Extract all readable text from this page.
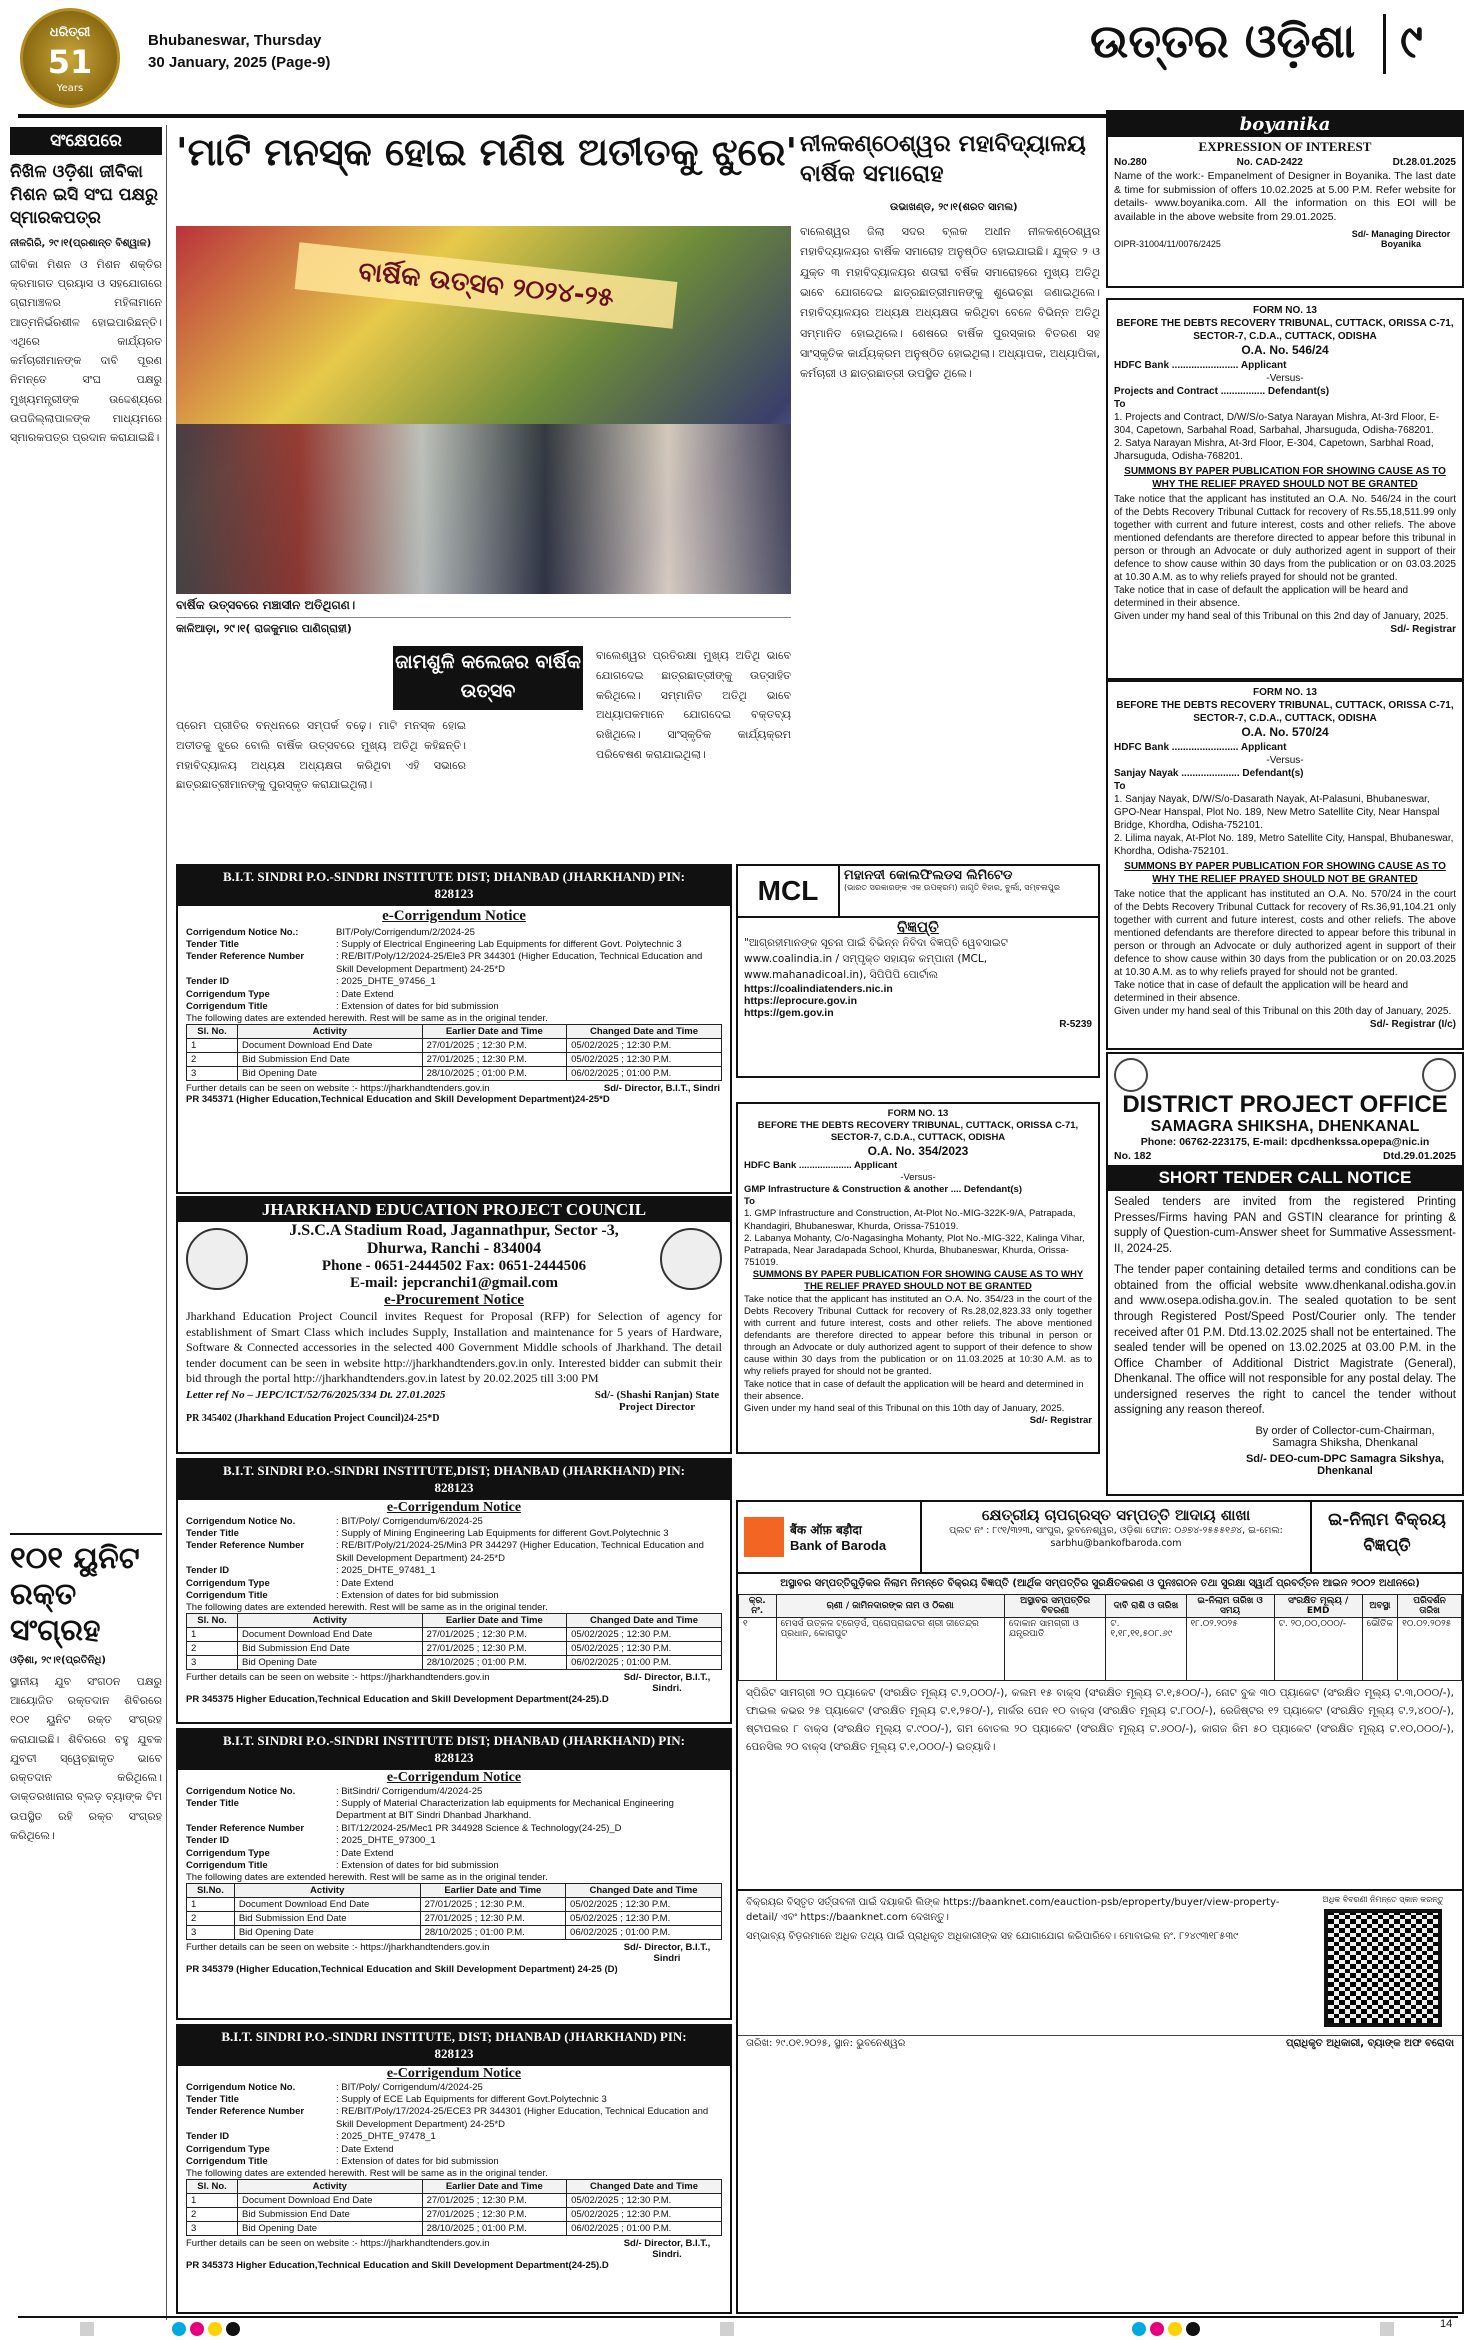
ଧରିତ୍ରୀ
51
Years
Bhubaneswar, Thursday
30 January, 2025 (Page-9)	ଉତ୍ତର ଓଡ଼ିଶା ୯
ସଂକ୍ଷେପରେ
ନିଖିଳ ଓଡ଼ିଶା ଜୀବିକା ମିଶନ ଇସି ସଂଘ ପକ୍ଷରୁ ସ୍ମାରକପତ୍ର
ନୀଳଗିରି, ୨୯।୧(ପ୍ରଶାନ୍ତ ବିଶ୍ୱାଳ)
ଜୀବିକା ମିଶନ ଓ ମିଶନ ଶକ୍ତିର କ୍ରମାଗତ ପ୍ରୟାସ ଓ ସହଯୋଗରେ ଗ୍ରାମାଞ୍ଚଳର ମହିଳାମାନେ ଆତ୍ମନିର୍ଭରଶୀଳ ହୋଇପାରିଛନ୍ତି। ଏଥିରେ କାର୍ଯ୍ୟରତ କର୍ମଚାରୀମାନଙ୍କ ଦାବି ପୂରଣ ନିମନ୍ତେ ସଂଘ ପକ୍ଷରୁ ମୁଖ୍ୟମନ୍ତ୍ରୀଙ୍କ ଉଦ୍ଦେଶ୍ୟରେ ଉପଜିଲ୍ଲାପାଳଙ୍କ ମାଧ୍ୟମରେ ସ୍ମାରକପତ୍ର ପ୍ରଦାନ କରାଯାଇଛି।
୧୦୧ ୟୁନିଟ ରକ୍ତ ସଂଗ୍ରହ
ଓଡ଼ିଶା, ୨୯।୧(ପ୍ରତିନିଧି)
ସ୍ଥାନୀୟ ଯୁବ ସଂଗଠନ ପକ୍ଷରୁ ଆୟୋଜିତ ରକ୍ତଦାନ ଶିବିରରେ ୧୦୧ ୟୁନିଟ ରକ୍ତ ସଂଗ୍ରହ କରାଯାଇଛି। ଶିବିରରେ ବହୁ ଯୁବକ ଯୁବତୀ ସ୍ୱେଚ୍ଛାକୃତ ଭାବେ ରକ୍ତଦାନ କରିଥିଲେ। ଡାକ୍ତରଖାନାର ବ୍ଲଡ଼ ବ୍ୟାଙ୍କ ଟିମ ଉପସ୍ଥିତ ରହି ରକ୍ତ ସଂଗ୍ରହ କରିଥିଲେ।
'ମାଟି ମନସ୍କ ହୋଇ ମଣିଷ ଅତୀତକୁ ଝୁରେ'
ବାର୍ଷିକ ଉତ୍ସବ ୨୦୨୪-୨୫
ବାର୍ଷିକ ଉତ୍ସବରେ ମଞ୍ଚାସୀନ ଅତିଥିଗଣ।
କାଳିଆଡ଼ା, ୨୯।୧( ରାଜକୁମାର ପାଣିଗ୍ରାହୀ)
ଜାମଶୁଳି କଲେଜର ବାର୍ଷିକ ଉତ୍ସବ
ପ୍ରେମ ପ୍ରୀତିର ବନ୍ଧନରେ ସମ୍ପର୍କ ବଢ଼େ। ମାଟି ମନସ୍କ ହୋଇ ଅତୀତକୁ ଝୁରେ ବୋଲି ବାର୍ଷିକ ଉତ୍ସବରେ ମୁଖ୍ୟ ଅତିଥି କହିଛନ୍ତି। ମହାବିଦ୍ୟାଳୟ ଅଧ୍ୟକ୍ଷ ଅଧ୍ୟକ୍ଷତା କରିଥିବା ଏହି ସଭାରେ ଛାତ୍ରଛାତ୍ରୀମାନଙ୍କୁ ପୁରସ୍କୃତ କରାଯାଇଥିଲା।
ବାଲେଶ୍ୱର ପ୍ରତିରକ୍ଷା ମୁଖ୍ୟ ଅତିଥି ଭାବେ ଯୋଗଦେଇ ଛାତ୍ରଛାତ୍ରୀଙ୍କୁ ଉତ୍ସାହିତ କରିଥିଲେ। ସମ୍ମାନିତ ଅତିଥି ଭାବେ ଅଧ୍ୟାପକମାନେ ଯୋଗଦେଇ ବକ୍ତବ୍ୟ ରଖିଥିଲେ। ସାଂସ୍କୃତିକ କାର୍ଯ୍ୟକ୍ରମ ପରିବେଷଣ କରାଯାଇଥିଲା।
ନୀଳକଣ୍ଠେଶ୍ୱର ମହାବିଦ୍ୟାଳୟ ବାର୍ଷିକ ସମାରୋହ
ଉଭାଖଣ୍ଡ, ୨୯।୧(ଶରତ ସାମଲ)
ବାଲେଶ୍ୱର ଜିଲା ସଦର ବ୍ଲକ ଅଧୀନ ନୀଳକଣ୍ଠେଶ୍ୱର ମହାବିଦ୍ୟାଳୟର ବାର୍ଷିକ ସମାରୋହ ଅନୁଷ୍ଠିତ ହୋଇଯାଇଛି। ଯୁକ୍ତ ୨ ଓ ଯୁକ୍ତ ୩ ମହାବିଦ୍ୟାଳୟର ଶତାବ୍ଦୀ ବର୍ଷିକ ସମାରୋହରେ ମୁଖ୍ୟ ଅତିଥି ଭାବେ ଯୋଗଦେଇ ଛାତ୍ରଛାତ୍ରୀମାନଙ୍କୁ ଶୁଭେଚ୍ଛା ଜଣାଇଥିଲେ। ମହାବିଦ୍ୟାଳୟର ଅଧ୍ୟକ୍ଷ ଅଧ୍ୟକ୍ଷତା କରିଥିବା ବେଳେ ବିଭିନ୍ନ ଅତିଥି ସମ୍ମାନିତ ହୋଇଥିଲେ। ଶେଷରେ ବାର୍ଷିକ ପୁରସ୍କାର ବିତରଣ ସହ ସାଂସ୍କୃତିକ କାର୍ଯ୍ୟକ୍ରମ ଅନୁଷ୍ଠିତ ହୋଇଥିଲା। ଅଧ୍ୟାପକ, ଅଧ୍ୟାପିକା, କର୍ମଚାରୀ ଓ ଛାତ୍ରଛାତ୍ରୀ ଉପସ୍ଥିତ ଥିଲେ।
boyanika
EXPRESSION OF INTEREST
No.280	No. CAD-2422	Dt.28.01.2025
Name of the work:- Empanelment of Designer in Boyanika. The last date & time for submission of offers 10.02.2025 at 5.00 P.M. Refer website for details- www.boyanika.com. All the information on this EOI will be available in the above website from 29.01.2025.
OIPR-31004/11/0076/2425
Sd/- Managing Director Boyanika
FORM NO. 13
BEFORE THE DEBTS RECOVERY TRIBUNAL, CUTTACK, ORISSA C-71, SECTOR-7, C.D.A., CUTTACK, ODISHA
O.A. No. 546/24
HDFC Bank ........................ Applicant
-Versus-
Projects and Contract ................ Defendant(s)
To
1. Projects and Contract, D/W/S/o-Satya Narayan Mishra, At-3rd Floor, E-304, Capetown, Sarbahal Road, Sarbahal, Jharsuguda, Odisha-768201.
2. Satya Narayan Mishra, At-3rd Floor, E-304, Capetown, Sarbhal Road, Jharsuguda, Odisha-768201.
SUMMONS BY PAPER PUBLICATION FOR SHOWING CAUSE AS TO WHY THE RELIEF PRAYED SHOULD NOT BE GRANTED
Take notice that the applicant has instituted an O.A. No. 546/24 in the court of the Debts Recovery Tribunal Cuttack for recovery of Rs.55,18,511.99 only together with current and future interest, costs and other reliefs. The above mentioned defendants are therefore directed to appear before this tribunal in person or through an Advocate or duly authorized agent in support of their defence to show cause within 30 days from the publication or on 03.03.2025 at 10.30 A.M. as to why reliefs prayed for should not be granted.
Take notice that in case of default the application will be heard and determined in their absence.
Given under my hand seal of this Tribunal on this 2nd day of January, 2025.
Sd/- Registrar
FORM NO. 13
BEFORE THE DEBTS RECOVERY TRIBUNAL, CUTTACK, ORISSA C-71, SECTOR-7, C.D.A., CUTTACK, ODISHA
O.A. No. 570/24
HDFC Bank ........................ Applicant
-Versus-
Sanjay Nayak ..................... Defendant(s)
To
1. Sanjay Nayak, D/W/S/o-Dasarath Nayak, At-Palasuni, Bhubaneswar, GPO-Near Hanspal, Plot No. 189, New Metro Satellite City, Near Hanspal Bridge, Khordha, Odisha-752101.
2. Lilima nayak, At-Plot No. 189, Metro Satellite City, Hanspal, Bhubaneswar, Khordha, Odisha-752101.
SUMMONS BY PAPER PUBLICATION FOR SHOWING CAUSE AS TO WHY THE RELIEF PRAYED SHOULD NOT BE GRANTED
Take notice that the applicant has instituted an O.A. No. 570/24 in the court of the Debts Recovery Tribunal Cuttack for recovery of Rs.36,91,104.21 only together with current and future interest, costs and other reliefs. The above mentioned defendants are therefore directed to appear before this tribunal in person or through an Advocate or duly authorized agent in support of their defence to show cause within 30 days from the publication or on 20.03.2025 at 10.30 A.M. as to why reliefs prayed for should not be granted.
Take notice that in case of default the application will be heard and determined in their absence.
Given under my hand seal of this Tribunal on this 20th day of January, 2025.
Sd/- Registrar (I/c)
DISTRICT PROJECT OFFICE
SAMAGRA SHIKSHA, DHENKANAL
Phone: 06762-223175, E-mail: dpcdhenkssa.opepa@nic.in
No. 182	Dtd.29.01.2025
SHORT TENDER CALL NOTICE
Sealed tenders are invited from the registered Printing Presses/Firms having PAN and GSTIN clearance for printing & supply of Question-cum-Answer sheet for Summative Assessment-II, 2024-25.
The tender paper containing detailed terms and conditions can be obtained from the official website www.dhenkanal.odisha.gov.in and www.osepa.odisha.gov.in. The sealed quotation to be sent through Registered Post/Speed Post/Courier only. The tender received after 01 P.M. Dtd.13.02.2025 shall not be entertained. The sealed tender will be opened on 13.02.2025 at 03.00 P.M. in the Office Chamber of Additional District Magistrate (General), Dhenkanal. The office will not responsible for any postal delay. The undersigned reserves the right to cancel the tender without assigning any reason thereof.
By order of Collector-cum-Chairman, Samagra Shiksha, Dhenkanal
Sd/- DEO-cum-DPC Samagra Sikshya, Dhenkanal
B.I.T. SINDRI P.O.-SINDRI INSTITUTE DIST; DHANBAD (JHARKHAND) PIN: 828123
e-Corrigendum Notice
Corrigendum Notice No.:	BIT/Poly/Corrigendum/2/2024-25
Tender Title	: Supply of Electrical Engineering Lab Equipments for different Govt. Polytechnic 3
Tender Reference Number	: RE/BIT/Poly/12/2024-25/Ele3 PR 344301 (Higher Education, Technical Education and Skill Development Department) 24-25*D
Tender ID	: 2025_DHTE_97456_1
Corrigendum Type	: Date Extend
Corrigendum Title	: Extension of dates for bid submission
The following dates are extended herewith. Rest will be same as in the original tender.
Sl. No.	Activity	Earlier Date and Time	Changed Date and Time
1	Document Download End Date	27/01/2025 ; 12:30 P.M.	05/02/2025 ; 12:30 P.M.
2	Bid Submission End Date	27/01/2025 ; 12:30 P.M.	05/02/2025 ; 12:30 P.M.
3	Bid Opening Date	28/10/2025 ; 01:00 P.M.	06/02/2025 ; 01:00 P.M.
Further details can be seen on website :- https://jharkhandtenders.gov.in	Sd/- Director, B.I.T., Sindri
PR 345371 (Higher Education,Technical Education and Skill Development Department)24-25*D
JHARKHAND EDUCATION PROJECT COUNCIL
J.S.C.A Stadium Road, Jagannathpur, Sector -3,
Dhurwa, Ranchi - 834004
Phone - 0651-2444502 Fax: 0651-2444506
E-mail: jepcranchi1@gmail.com
e-Procurement Notice
Jharkhand Education Project Council invites Request for Proposal (RFP) for Selection of agency for establishment of Smart Class which includes Supply, Installation and maintenance for 5 years of Hardware, Software & Connected accessories in the selected 400 Government Middle schools of Jharkhand. The detail tender document can be seen in website http://jharkhandtenders.gov.in only. Interested bidder can submit their bid through the portal http://jharkhandtenders.gov.in latest by 20.02.2025 till 3:00 PM
Letter ref No – JEPC/ICT/52/76/2025/334 Dt. 27.01.2025	Sd/- (Shashi Ranjan) State Project Director
PR 345402 (Jharkhand Education Project Council)24-25*D
B.I.T. SINDRI P.O.-SINDRI INSTITUTE,DIST; DHANBAD (JHARKHAND) PIN: 828123
e-Corrigendum Notice
Corrigendum Notice No.	: BIT/Poly/ Corrigendum/6/2024-25
Tender Title	: Supply of Mining Engineering Lab Equipments for different Govt.Polytechnic 3
Tender Reference Number	: RE/BIT/Poly/21/2024-25/Min3 PR 344297 (Higher Education, Technical Education and Skill Development Department) 24-25*D
Tender ID	: 2025_DHTE_97481_1
Corrigendum Type	: Date Extend
Corrigendum Title	: Extension of dates for bid submission
The following dates are extended herewith. Rest will be same as in the original tender.
Sl. No.	Activity	Earlier Date and Time	Changed Date and Time
1	Document Download End Date	27/01/2025 ; 12:30 P.M.	05/02/2025 ; 12:30 P.M.
2	Bid Submission End Date	27/01/2025 ; 12:30 P.M.	05/02/2025 ; 12:30 P.M.
3	Bid Opening Date	28/10/2025 ; 01:00 P.M.	06/02/2025 ; 01:00 P.M.
Further details can be seen on website :- https://jharkhandtenders.gov.in	Sd/- Director, B.I.T., Sindri.
PR 345375 Higher Education,Technical Education and Skill Development Department(24-25).D
B.I.T. SINDRI P.O.-SINDRI INSTITUTE DIST; DHANBAD (JHARKHAND) PIN: 828123
e-Corrigendum Notice
Corrigendum Notice No.	: BitSindri/ Corrigendum/4/2024-25
Tender Title	: Supply of Material Characterization lab equipments for Mechanical Engineering Department at BIT Sindri Dhanbad Jharkhand.
Tender Reference Number	: BIT/12/2024-25/Mec1 PR 344928 Science & Technology(24-25)_D
Tender ID	: 2025_DHTE_97300_1
Corrigendum Type	: Date Extend
Corrigendum Title	: Extension of dates for bid submission
The following dates are extended herewith. Rest will be same as in the original tender.
Sl.No.	Activity	Earlier Date and Time	Changed Date and Time
1	Document Download End Date	27/01/2025 ; 12:30 P.M.	05/02/2025 ; 12:30 P.M.
2	Bid Submission End Date	27/01/2025 ; 12:30 P.M.	05/02/2025 ; 12:30 P.M.
3	Bid Opening Date	28/10/2025 ; 01:00 P.M.	06/02/2025 ; 01:00 P.M.
Further details can be seen on website :- https://jharkhandtenders.gov.in	Sd/- Director, B.I.T., Sindri
PR 345379 (Higher Education,Technical Education and Skill Development Department) 24-25 (D)
B.I.T. SINDRI P.O.-SINDRI INSTITUTE, DIST; DHANBAD (JHARKHAND) PIN: 828123
e-Corrigendum Notice
Corrigendum Notice No.	: BIT/Poly/ Corrigendum/4/2024-25
Tender Title	: Supply of ECE Lab Equipments for different Govt.Polytechnic 3
Tender Reference Number	: RE/BIT/Poly/17/2024-25/ECE3 PR 344301 (Higher Education, Technical Education and Skill Development Department) 24-25*D
Tender ID	: 2025_DHTE_97478_1
Corrigendum Type	: Date Extend
Corrigendum Title	: Extension of dates for bid submission
The following dates are extended herewith. Rest will be same as in the original tender.
Sl. No.	Activity	Earlier Date and Time	Changed Date and Time
1	Document Download End Date	27/01/2025 ; 12:30 P.M.	05/02/2025 ; 12:30 P.M.
2	Bid Submission End Date	27/01/2025 ; 12:30 P.M.	05/02/2025 ; 12:30 P.M.
3	Bid Opening Date	28/10/2025 ; 01:00 P.M.	06/02/2025 ; 01:00 P.M.
Further details can be seen on website :- https://jharkhandtenders.gov.in	Sd/- Director, B.I.T., Sindri.
PR 345373 Higher Education,Technical Education and Skill Development Department(24-25).D
MCL	ମହାନଦୀ କୋଲଫିଲଡସ ଲିମିଟେଡ
(ଭାରତ ସରକାରଙ୍କ ଏକ ଉପକ୍ରମ) ଜାଗୃତି ବିହାର, ବୁର୍ଲା, ସମ୍ବଲପୁର
ବିଜ୍ଞପ୍ତି
"ଆଗ୍ରହୀମାନଙ୍କ ସୂଚନା ପାଇଁ ବିଭିନ୍ନ ନିବିଦା ବିଜ୍ଞପ୍ତି ୱେବସାଇଟ www.coalindia.in / ସମ୍ପୃକ୍ତ ସହାୟକ କମ୍ପାନୀ (MCL, www.mahanadicoal.in), ସିପିପିପି ପୋର୍ଟାଲ
https://coalindiatenders.nic.in
https://eprocure.gov.in
https://gem.gov.in
R-5239
FORM NO. 13
BEFORE THE DEBTS RECOVERY TRIBUNAL, CUTTACK, ORISSA C-71, SECTOR-7, C.D.A., CUTTACK, ODISHA
O.A. No. 354/2023
HDFC Bank .................... Applicant
-Versus-
GMP Infrastructure & Construction & another .... Defendant(s)
To
1. GMP Infrastructure and Construction, At-Plot No.-MIG-322K-9/A, Patrapada, Khandagiri, Bhubaneswar, Khurda, Orissa-751019.
2. Labanya Mohanty, C/o-Nagasingha Mohanty, Plot No.-MIG-322, Kalinga Vihar, Patrapada, Near Jaradapada School, Khurda, Bhubaneswar, Khurda, Orissa-751019.
SUMMONS BY PAPER PUBLICATION FOR SHOWING CAUSE AS TO WHY THE RELIEF PRAYED SHOULD NOT BE GRANTED
Take notice that the applicant has instituted an O.A. No. 354/23 in the court of the Debts Recovery Tribunal Cuttack for recovery of Rs.28,02,823.33 only together with current and future interest, costs and other reliefs. The above mentioned defendants are therefore directed to appear before this tribunal in person or through an Advocate or duly authorized agent to support of their defence to show cause within 30 days from the publication or on 11.03.2025 at 10:30 A.M. as to why reliefs prayed for should not be granted.
Take notice that in case of default the application will be heard and determined in their absence.
Given under my hand seal of this Tribunal on this 10th day of January, 2025.
Sd/- Registrar
बैंक ऑफ़ बड़ौदा
Bank of Baroda
କ୍ଷେତ୍ରୀୟ ଚାପଗ୍ରସ୍ତ ସମ୍ପତ୍ତି ଆଦାୟ ଶାଖା
ପ୍ଲଟ ନଂ : ୮୯୧/୩୨୩, ସାଂପୁର, ଭୁବନେଶ୍ୱର, ଓଡ଼ିଶା ଫୋନ: ୦୬୭୪-୨୫୫୫୧୬୪, ଇ-ମେଲ: sarbhu@bankofbaroda.com
ଇ-ନିଲାମ ବିକ୍ରୟ ବିଜ୍ଞପ୍ତି
ଅସ୍ଥାବର ସମ୍ପତ୍ତିଗୁଡ଼ିକର ନିଲାମ ନିମନ୍ତେ ବିକ୍ରୟ ବିଜ୍ଞପ୍ତି (ଆର୍ଥିକ ସମ୍ପତ୍ତିର ସୁରକ୍ଷିତକରଣ ଓ ପୁନଃଗଠନ ତଥା ସୁରକ୍ଷା ସ୍ୱାର୍ଥ ପ୍ରବର୍ତ୍ତନ ଆଇନ ୨୦୦୨ ଅଧୀନରେ)
କ୍ର. ନଂ.	ଋଣୀ / ଜାମିନଦାରଙ୍କ ନାମ ଓ ଠିକଣା	ଅସ୍ଥାବର ସମ୍ପତ୍ତିର ବିବରଣୀ	ଦାବି ରାଶି ଓ ତାରିଖ	ଇ-ନିଲାମ ତାରିଖ ଓ ସମୟ	ସଂରକ୍ଷିତ ମୂଲ୍ୟ / EMD	ଅବସ୍ଥା	ପରିଦର୍ଶନ ତାରିଖ
୧	ମେସର୍ସ ଉତ୍କଳ ଟ୍ରେଡ଼ର୍ସ, ପ୍ରୋପ୍ରାଇଟର ଶ୍ରୀ ଜୀତେନ୍ଦ୍ର ପ୍ରଧାନ, କୋରାପୁଟ	ଦୋକାନ ସାମଗ୍ରୀ ଓ ଯନ୍ତ୍ରପାତି	ଟ. ୧,୧୮,୧୧,୫୦୮.୬୯	୧୮.୦୨.୨୦୨୫	ଟ. ୨୦,୦୦,୦୦୦/-	ଭୌତିକ	୧୦.୦୨.୨୦୨୫
ସ୍ପିରିଟ ସାମଗ୍ରୀ ୨୦ ପ୍ୟାକେଟ (ସଂରକ୍ଷିତ ମୂଲ୍ୟ ଟ.୨,୦୦୦/-), କଲମ ୧୫ ବାକ୍ସ (ସଂରକ୍ଷିତ ମୂଲ୍ୟ ଟ.୧,୫୦୦/-), ନୋଟ ବୁକ ୩୦ ପ୍ୟାକେଟ (ସଂରକ୍ଷିତ ମୂଲ୍ୟ ଟ.୩,୦୦୦/-), ଫାଇଲ କଭର ୨୫ ପ୍ୟାକେଟ (ସଂରକ୍ଷିତ ମୂଲ୍ୟ ଟ.୧,୨୫୦/-), ମାର୍କର ପେନ ୧୦ ବାକ୍ସ (ସଂରକ୍ଷିତ ମୂଲ୍ୟ ଟ.୮୦୦/-), ରେଜିଷ୍ଟର ୧୨ ପ୍ୟାକେଟ (ସଂରକ୍ଷିତ ମୂଲ୍ୟ ଟ.୨,୪୦୦/-), ଷ୍ଟାପଲର ୮ ବାକ୍ସ (ସଂରକ୍ଷିତ ମୂଲ୍ୟ ଟ.୯୦୦/-), ଗମ ବୋତଲ ୨୦ ପ୍ୟାକେଟ (ସଂରକ୍ଷିତ ମୂଲ୍ୟ ଟ.୬୦୦/-), କାଗଜ ରିମ ୫୦ ପ୍ୟାକେଟ (ସଂରକ୍ଷିତ ମୂଲ୍ୟ ଟ.୧୦,୦୦୦/-), ପେନସିଲ ୨୦ ବାକ୍ସ (ସଂରକ୍ଷିତ ମୂଲ୍ୟ ଟ.୧,୦୦୦/-) ଇତ୍ୟାଦି।
ବିକ୍ରୟର ବିସ୍ତୃତ ସର୍ତ୍ତାବଳୀ ପାଇଁ ଦୟାକରି ଲିଙ୍କ https://baanknet.com/eauction-psb/eproperty/buyer/view-property-detail/ ଏବଂ https://baanknet.com ଦେଖନ୍ତୁ।
ସମ୍ଭାବ୍ୟ ବିଡ଼ରମାନେ ଅଧିକ ତଥ୍ୟ ପାଇଁ ପ୍ରାଧିକୃତ ଅଧିକାରୀଙ୍କ ସହ ଯୋଗାଯୋଗ କରିପାରିବେ। ମୋବାଇଲ ନଂ. ୮୨୪୯୩୧୮୫୩୯
ଅଧିକ ବିବରଣୀ ନିମନ୍ତେ ସ୍କାନ କରନ୍ତୁ
ତାରିଖ: ୨୯.୦୧.୨୦୨୫, ସ୍ଥାନ: ଭୁବନେଶ୍ୱର	ପ୍ରାଧିକୃତ ଅଧିକାରୀ, ବ୍ୟାଙ୍କ ଅଫ ବରୋଦା
14
